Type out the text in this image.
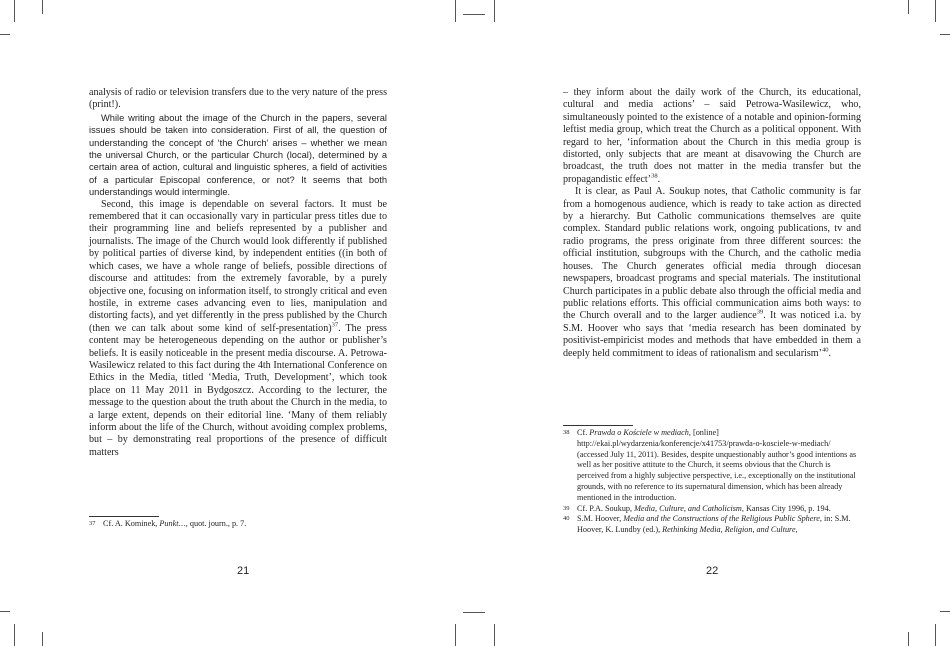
analysis of radio or television transfers due to the very nature of the press (print!).

While writing about the image of the Church in the papers, several issues should be taken into consideration. First of all, the question of understanding the concept of ‘the Church’ arises – whether we mean the universal Church, or the particular Church (local), determined by a certain area of action, cultural and linguistic spheres, a field of activities of a particular Episcopal conference, or not? It seems that both understandings would intermingle.

Second, this image is dependable on several factors. It must be remembered that it can occasionally vary in particular press titles due to their programming line and beliefs represented by a publisher and journalists. The image of the Church would look differently if published by political parties of diverse kind, by independent entities ((in both of which cases, we have a whole range of beliefs, possible directions of discourse and attitudes: from the extremely favorable, by a purely objective one, focusing on information itself, to strongly critical and even hostile, in extreme cases advancing even to lies, manipulation and distorting facts), and yet differently in the press published by the Church (then we can talk about some kind of self-presentation)$^{37}$. The press content may be heterogeneous depending on the author or publisher’s beliefs. It is easily noticeable in the present media discourse. A. Petrowa-Wasilewicz related to this fact during the 4th International Conference on Ethics in the Media, titled ‘Media, Truth, Development’, which took place on 11 May 2011 in Bydgoszcz. According to the lecturer, the message to the question about the truth about the Church in the media, to a large extent, depends on their editorial line. ‘Many of them reliably inform about the life of the Church, without avoiding complex problems, but – by demonstrating real proportions of the presence of difficult matters

37 Cf. A. Kominek, Punkt…, quot. journ., p. 7.
21

– they inform about the daily work of the Church, its educational, cultural and media actions’ – said Petrowa-Wasilewicz, who, simultaneously pointed to the existence of a notable and opinion-forming leftist media group, which treat the Church as a political opponent. With regard to her, ‘information about the Church in this media group is distorted, only subjects that are meant at disavowing the Church are broadcast, the truth does not matter in the media transfer but the propagandistic effect’$^{38}$.

It is clear, as Paul A. Soukup notes, that Catholic community is far from a homogenous audience, which is ready to take action as directed by a hierarchy. But Catholic communications themselves are quite complex. Standard public relations work, ongoing publications, tv and radio programs, the press originate from three different sources: the official institution, subgroups with the Church, and the catholic media houses. The Church generates official media through diocesan newspapers, broadcast programs and special materials. The institutional Church participates in a public debate also through the official media and public relations efforts. This official communication aims both ways: to the Church overall and to the larger audience$^{39}$. It was noticed i.a. by S.M. Hoover who says that ‘media research has been dominated by positivist-empiricist modes and methods that have embedded in them a deeply held commitment to ideas of rationalism and secularism’$^{40}$.

38 Cf. Prawda o Kościele w mediach, [online] http://ekai.pl/wydarzenia/konferencje/x41753/prawda-o-kosciele-w-mediach/ (accessed July 11, 2011). Besides, despite unquestionably author’s good intentions as well as her positive attitute to the Church, it seems obvious that the Church is perceived from a highly subjective perspective, i.e., exceptionally on the institutional grounds, with no reference to its supernatural dimension, which has been already mentioned in the introduction.
39 Cf. P.A. Soukup, Media, Culture, and Catholicism, Kansas City 1996, p. 194.
40 S.M. Hoover, Media and the Constructions of the Religious Public Sphere, in: S.M. Hoover, K. Lundby (ed.), Rethinking Media, Religion, and Culture,
22
